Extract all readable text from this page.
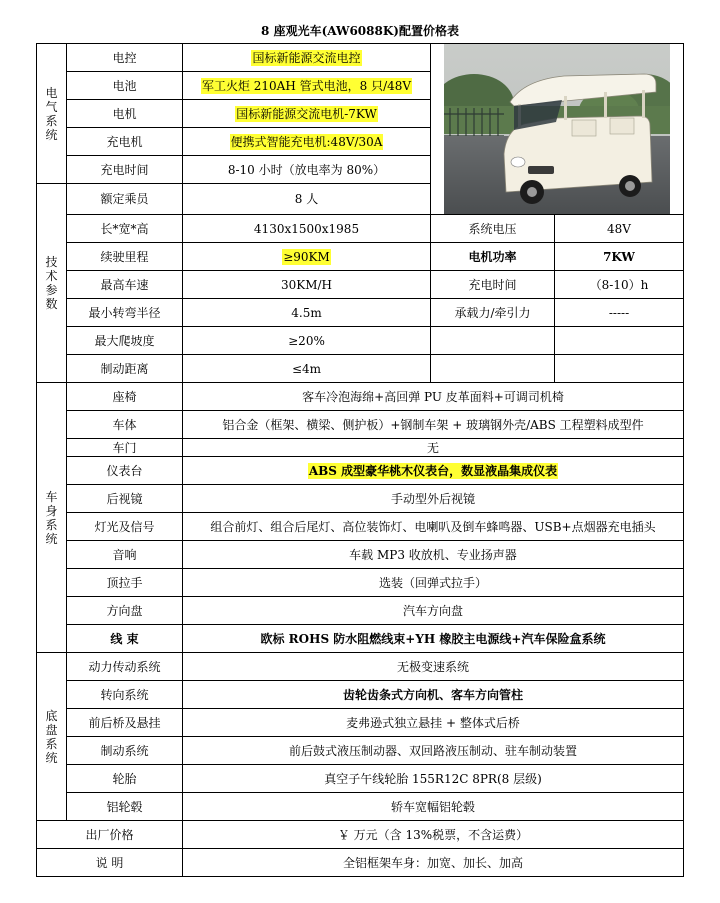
8 座观光车(AW6088K)配置价格表
电气系统	电控	国标新能源交流电控	

	电池	军工火炬 210AH 管式电池，8 只/48V		
	电机	国标新能源交流电机-7KW		
	充电机	便携式智能充电机:48V/30A		
	充电时间	8-10 小时（放电率为 80%）		
技术参数	额定乘员	8 人		
	长*宽*高	4130x1500x1985	系统电压	48V
	续驶里程	≥90KM	电机功率	7KW
	最高车速	30KM/H	充电时间	（8-10）h
	最小转弯半径	4.5m	承载力/牵引力	-----
	最大爬坡度	≥20%		
	制动距离	≤4m		
车身系统	座椅	客车冷泡海绵+高回弹 PU 皮革面料+可调司机椅		
	车体	铝合金（框架、横梁、侧护板）+钢制车架 + 玻璃钢外壳/ABS 工程塑料成型件		
	车门	无		
	仪表台	ABS 成型豪华桃木仪表台，数显液晶集成仪表		
	后视镜	手动型外后视镜		
	灯光及信号	组合前灯、组合后尾灯、高位装饰灯、电喇叭及倒车蜂鸣器、USB+点烟器充电插头		
	音响	车载 MP3 收放机、专业扬声器		
	顶拉手	选装（回弹式拉手）		
	方向盘	汽车方向盘		
	线 束	欧标 ROHS 防水阻燃线束+YH 橡胶主电源线+汽车保险盒系统		
底盘系统	动力传动系统	无极变速系统		
	转向系统	齿轮齿条式方向机、客车方向管柱		
	前后桥及悬挂	麦弗逊式独立悬挂 + 整体式后桥		
	制动系统	前后鼓式液压制动器、双回路液压制动、驻车制动装置		
	轮胎	真空子午线轮胎 155R12C 8PR(8 层级)		
	铝轮毂	轿车宽幅铝轮毂		
出厂价格		￥ 万元（含 13%税票，不含运费）		
说 明		全铝框架车身：加宽、加长、加高		
